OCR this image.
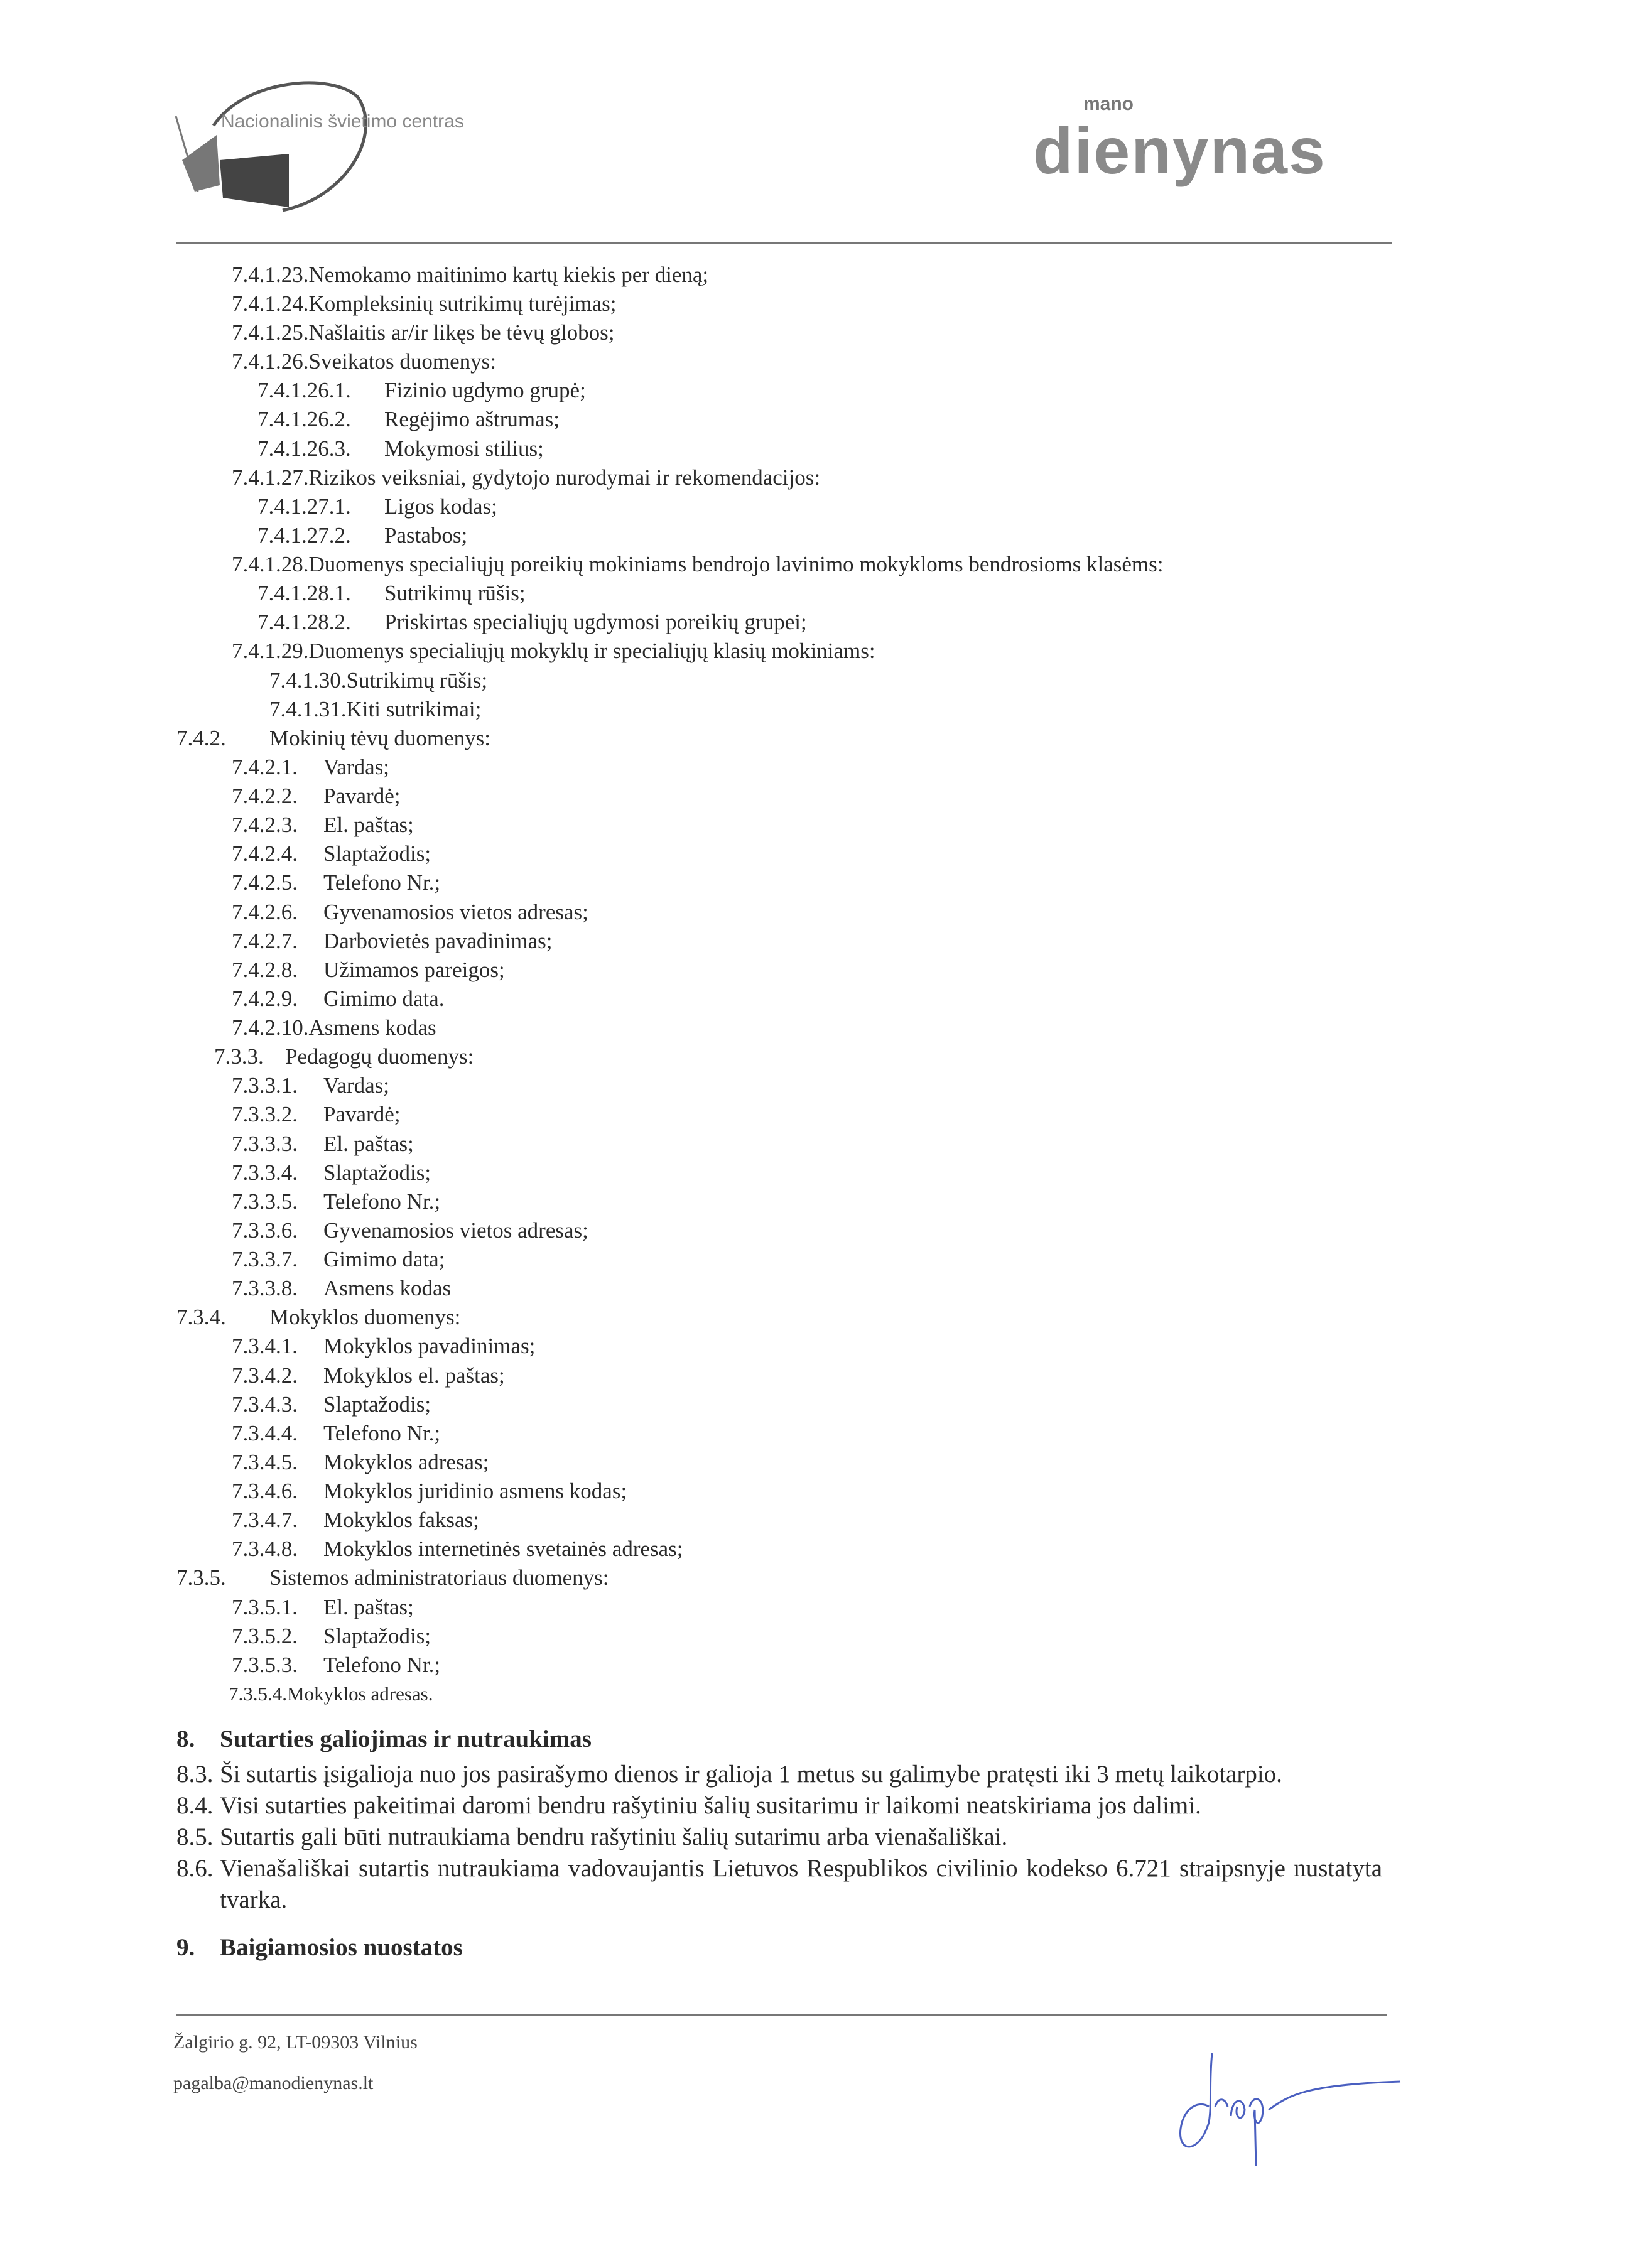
Nacionalinis švietimo centras
mano
dienynas
7.4.1.23.Nemokamo maitinimo kartų kiekis per dieną;
7.4.1.24.Kompleksinių sutrikimų turėjimas;
7.4.1.25.Našlaitis ar/ir likęs be tėvų globos;
7.4.1.26.Sveikatos duomenys:
7.4.1.26.1. Fizinio ugdymo grupė;
7.4.1.26.2. Regėjimo aštrumas;
7.4.1.26.3. Mokymosi stilius;
7.4.1.27.Rizikos veiksniai, gydytojo nurodymai ir rekomendacijos:
7.4.1.27.1. Ligos kodas;
7.4.1.27.2. Pastabos;
7.4.1.28.Duomenys specialiųjų poreikių mokiniams bendrojo lavinimo mokykloms bendrosioms klasėms:
7.4.1.28.1. Sutrikimų rūšis;
7.4.1.28.2. Priskirtas specialiųjų ugdymosi poreikių grupei;
7.4.1.29.Duomenys specialiųjų mokyklų ir specialiųjų klasių mokiniams:
7.4.1.30.Sutrikimų rūšis;
7.4.1.31.Kiti sutrikimai;
7.4.2. Mokinių tėvų duomenys:
7.4.2.1. Vardas;
7.4.2.2. Pavardė;
7.4.2.3. El. paštas;
7.4.2.4. Slaptažodis;
7.4.2.5. Telefono Nr.;
7.4.2.6. Gyvenamosios vietos adresas;
7.4.2.7. Darbovietės pavadinimas;
7.4.2.8. Užimamos pareigos;
7.4.2.9. Gimimo data.
7.4.2.10.Asmens kodas
7.3.3. Pedagogų duomenys:
7.3.3.1. Vardas;
7.3.3.2. Pavardė;
7.3.3.3. El. paštas;
7.3.3.4. Slaptažodis;
7.3.3.5. Telefono Nr.;
7.3.3.6. Gyvenamosios vietos adresas;
7.3.3.7. Gimimo data;
7.3.3.8. Asmens kodas
7.3.4. Mokyklos duomenys:
7.3.4.1. Mokyklos pavadinimas;
7.3.4.2. Mokyklos el. paštas;
7.3.4.3. Slaptažodis;
7.3.4.4. Telefono Nr.;
7.3.4.5. Mokyklos adresas;
7.3.4.6. Mokyklos juridinio asmens kodas;
7.3.4.7. Mokyklos faksas;
7.3.4.8. Mokyklos internetinės svetainės adresas;
7.3.5. Sistemos administratoriaus duomenys:
7.3.5.1. El. paštas;
7.3.5.2. Slaptažodis;
7.3.5.3. Telefono Nr.;
7.3.5.4.Mokyklos adresas.
8. Sutarties galiojimas ir nutraukimas
8.3. Ši sutartis įsigalioja nuo jos pasirašymo dienos ir galioja 1 metus su galimybe pratęsti iki 3 metų laikotarpio.
8.4. Visi sutarties pakeitimai daromi bendru rašytiniu šalių susitarimu ir laikomi neatskiriama jos dalimi.
8.5. Sutartis gali būti nutraukiama bendru rašytiniu šalių sutarimu arba vienašališkai.
8.6. Vienašališkai sutartis nutraukiama vadovaujantis Lietuvos Respublikos civilinio kodekso 6.721 straipsnyje nustatyta tvarka.
9. Baigiamosios nuostatos
Žalgirio g. 92, LT-09303 Vilnius
pagalba@manodienynas.lt
